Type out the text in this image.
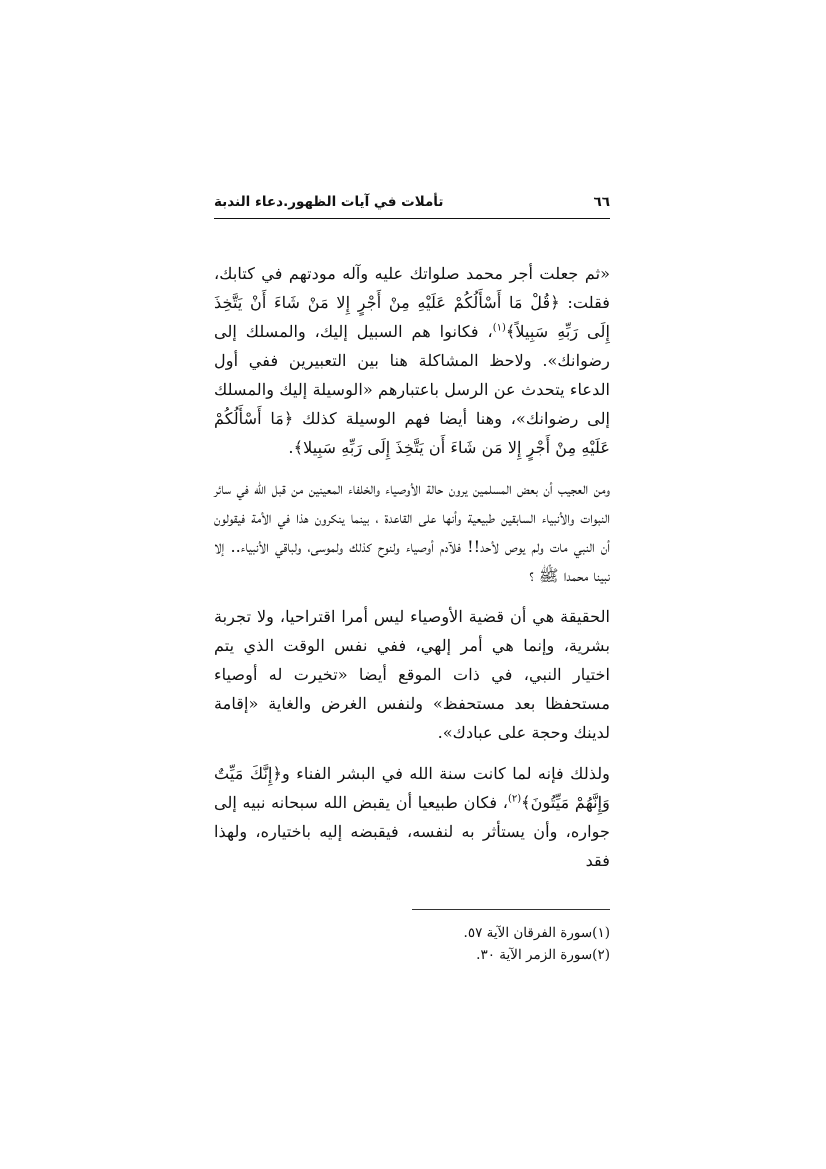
٦٦
تأملات في آيات الظهور.دعاء الندبة

«ثم جعلت أجر محمد صلواتك عليه وآله مودتهم في كتابك، فقلت: ﴿قُلْ مَا أَسْأَلُكُمْ عَلَيْهِ مِنْ أَجْرٍ إِلا مَنْ شَاءَ أَنْ يَتَّخِذَ إِلَى رَبِّهِ سَبِيلاً﴾$^{(١)}$، فكانوا هم السبيل إليك، والمسلك إلى رضوانك». ولاحظ المشاكلة هنا بين التعبيرين ففي أول الدعاء يتحدث عن الرسل باعتبارهم «الوسيلة إليك والمسلك إلى رضوانك»، وهنا أيضا فهم الوسيلة كذلك ﴿مَا أَسْأَلُكُمْ عَلَيْهِ مِنْ أَجْرٍ إِلا مَن شَاءَ أَن يَتَّخِذَ إِلَى رَبِّهِ سَبِيلا﴾.

ومن العجيب أن بعض المسلمين يرون حالة الأوصياء والخلفاء المعينين من قبل الله في سائر النبوات والأنبياء السابقين طبيعية وأنها على القاعدة ، بينما ينكرون هذا في الأمة فيقولون أن النبي مات ولم يوص لأحد!! فلآدم أوصياء ولنوح كذلك ولموسى، ولباقي الأنبياء.. إلا نبينا محمدا ﷺ ؟

الحقيقة هي أن قضية الأوصياء ليس أمرا اقتراحيا، ولا تجربة بشرية، وإنما هي أمر إلهي، ففي نفس الوقت الذي يتم اختيار النبي، في ذات الموقع أيضا «تخيرت له أوصياء مستحفظا بعد مستحفظ» ولنفس الغرض والغاية «إقامة لدينك وحجة على عبادك».

ولذلك فإنه لما كانت سنة الله في البشر الفناء و﴿إِنَّكَ مَيِّتٌ وَإِنَّهُمْ مَيِّتُونَ﴾$^{(٢)}$، فكان طبيعيا أن يقبض الله سبحانه نبيه إلى جواره، وأن يستأثر به لنفسه، فيقبضه إليه باختياره، ولهذا فقد

(١)سورة الفرقان الآية ٥٧.

(٢)سورة الزمر الآية ٣٠.
